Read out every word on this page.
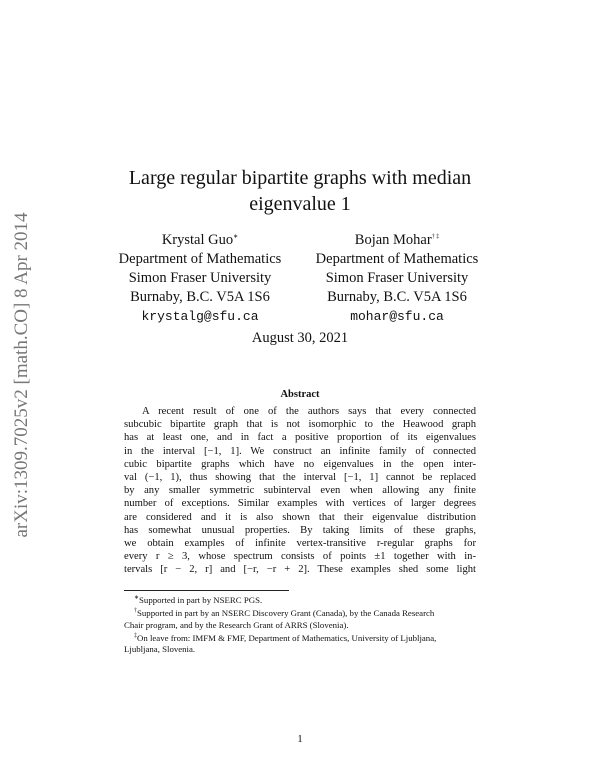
arXiv:1309.7025v2 [math.CO] 8 Apr 2014
Large regular bipartite graphs with median
eigenvalue 1
Krystal Guo∗
Department of Mathematics
Simon Fraser University
Burnaby, B.C. V5A 1S6
krystalg@sfu.ca
Bojan Mohar† ‡
Department of Mathematics
Simon Fraser University
Burnaby, B.C. V5A 1S6
mohar@sfu.ca
August 30, 2021
Abstract
A recent result of one of the authors says that every connected
subcubic bipartite graph that is not isomorphic to the Heawood graph
has at least one, and in fact a positive proportion of its eigenvalues
in the interval [−1, 1]. We construct an infinite family of connected
cubic bipartite graphs which have no eigenvalues in the open inter-
val (−1, 1), thus showing that the interval [−1, 1] cannot be replaced
by any smaller symmetric subinterval even when allowing any finite
number of exceptions. Similar examples with vertices of larger degrees
are considered and it is also shown that their eigenvalue distribution
has somewhat unusual properties. By taking limits of these graphs,
we obtain examples of infinite vertex-transitive r-regular graphs for
every r ≥ 3, whose spectrum consists of points ±1 together with in-
tervals [r − 2, r] and [−r, −r + 2]. These examples shed some light

∗Supported in part by NSERC PGS.

†Supported in part by an NSERC Discovery Grant (Canada), by the Canada Research

Chair program, and by the Research Grant of ARRS (Slovenia).

‡On leave from: IMFM & FMF, Department of Mathematics, University of Ljubljana,

Ljubljana, Slovenia.

1
